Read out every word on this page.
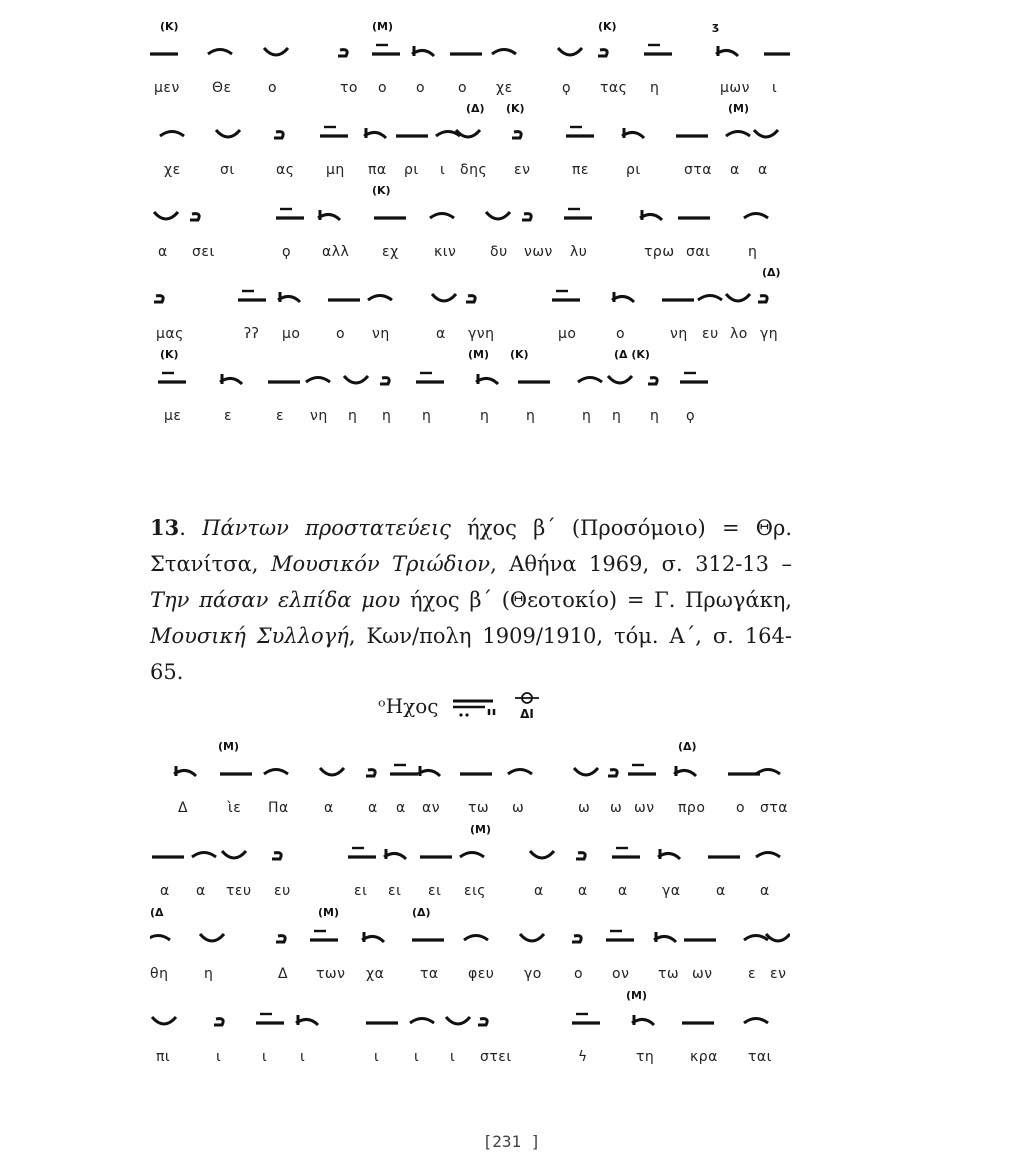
μεν Θε	ο	το ο ο ο χε	ϙ τας η	μων ι
(Κ)	(Μ)	(Κ)	ʒ
χε	σι	ας μη πα ρι ι δης εν	πε	ρι	στα α α
(Δ) (Κ)	(Μ)
α σει	ϙ αλλ εχ	κιν δυ νων λυ	τρω σαι	η
(Κ)
μας	ʔʔ μο	ο νη	α γνη	μο	ο	νη ευ λο γη
(Δ)
με	ε	ε νη η η η	η	η	η η η ϙ
(Κ)	(Μ) (Κ)	(Δ (Κ)
13. Πάντων προστατεύεις ήχος β΄ (Προσόμοιο) = Θρ. Στανίτσα, Μουσικόν Τριώδιον, Αθήνα 1969, σ. 312-13 – Την πάσαν ελπίδα μου ήχος β΄ (Θεοτοκίο) = Γ. Πρωγάκη, Μουσική Συλλογή, Κων/πολη 1909/1910, τόμ. Α΄, σ. 164-65.
ᵒΗχος	ΔΙ
Δ	ὶε Πα	α α α αν τω ω	ω ω ων προ ο στα
(Μ)	(Δ)
α α τευ ευ	ει ει ει εις	α α α γα	α α
(Μ)
θη	η	Δ των χα	τα φευ γο ο ον τω ων	ε εν
(Δ	(Μ)	(Δ)
πι	ι	ι ι	ι ι ι στει	ϟ	τη	κρα ται
(Μ)
[231 ]
